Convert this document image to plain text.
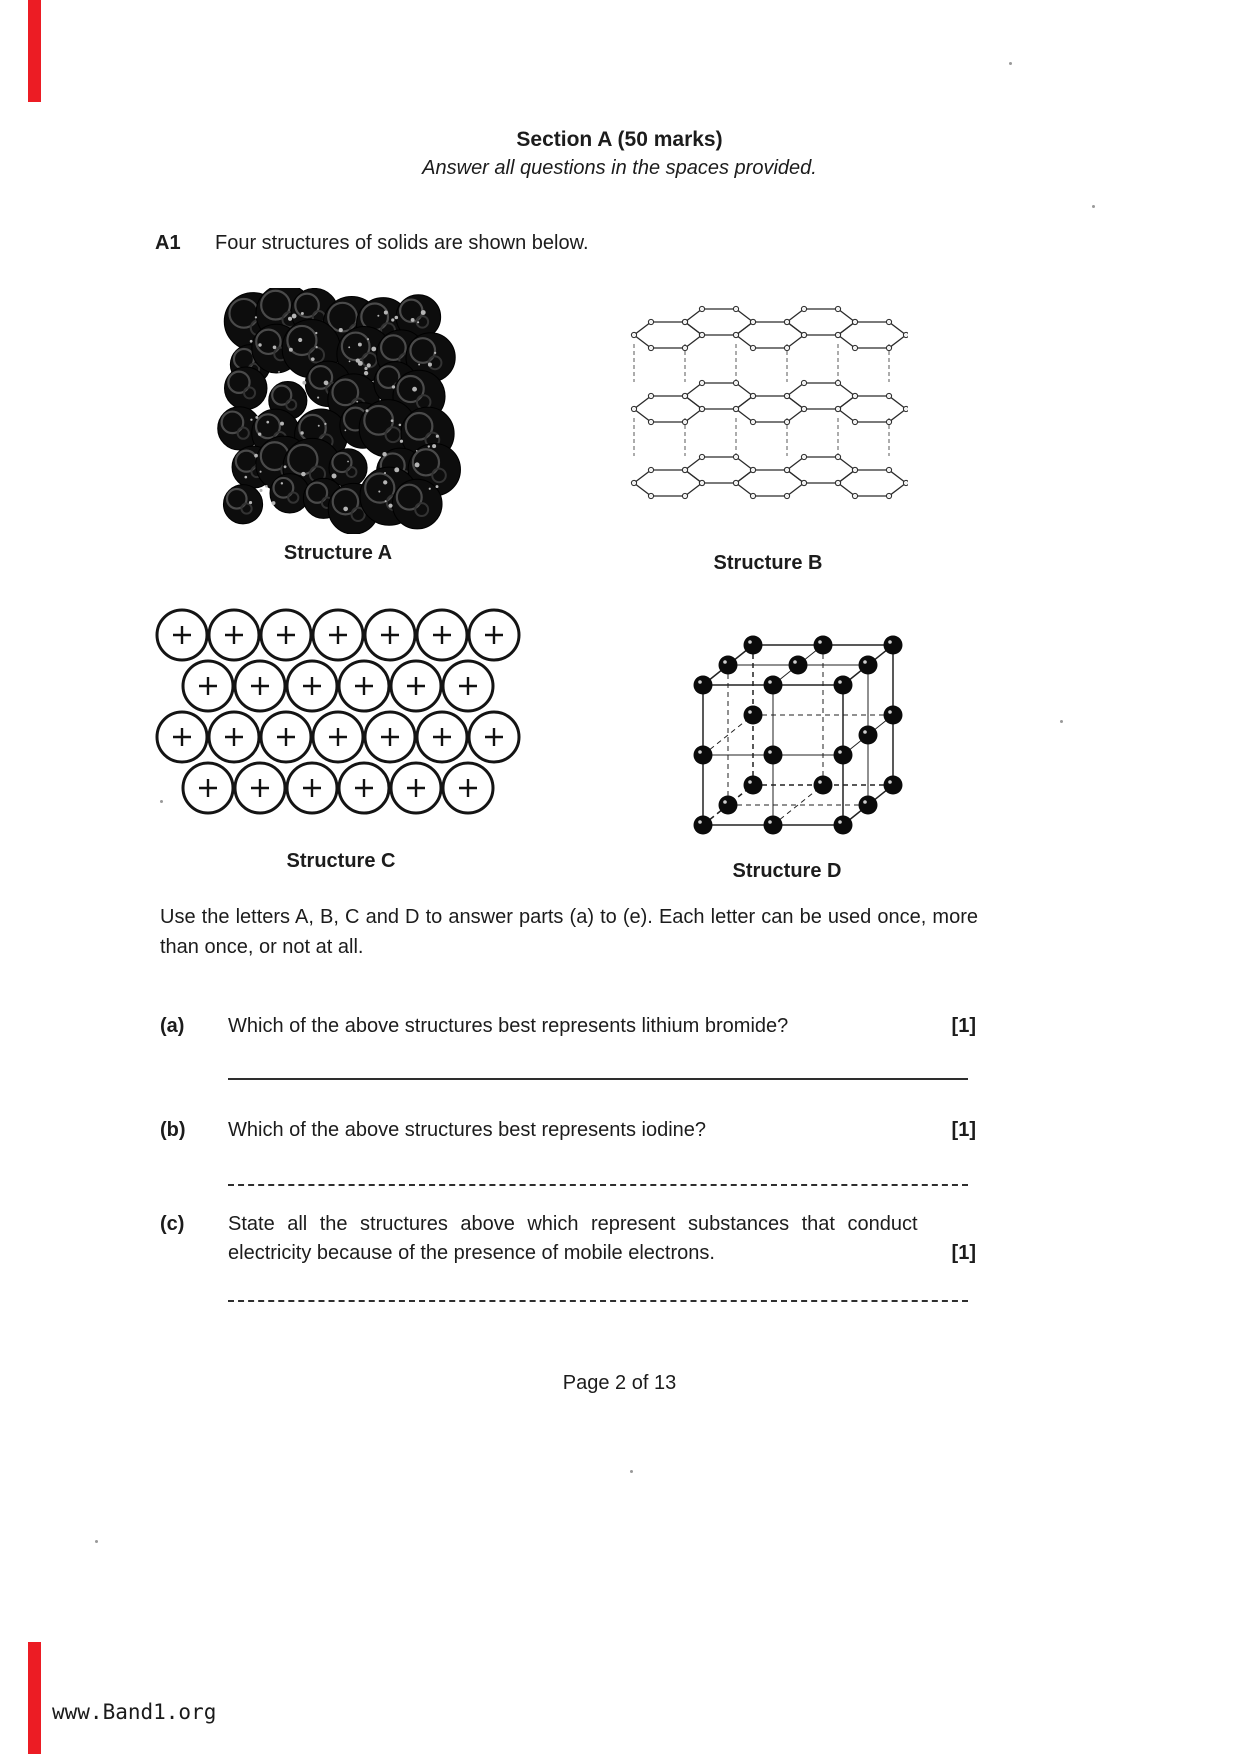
Section A (50 marks)
Answer all questions in the spaces provided.
A1	Four structures of solids are shown below.
Structure A	Structure B
Structure C	Structure D
Use the letters A, B, C and D to answer parts (a) to (e). Each letter can be used once, more than once, or not at all.
(a)	Which of the above structures best represents lithium bromide?	[1]
(b)	Which of the above structures best represents iodine?	[1]
(c)	State all the structures above which represent substances that conduct electricity because of the presence of mobile electrons.	[1]
Page 2 of 13
www.Band1.org
